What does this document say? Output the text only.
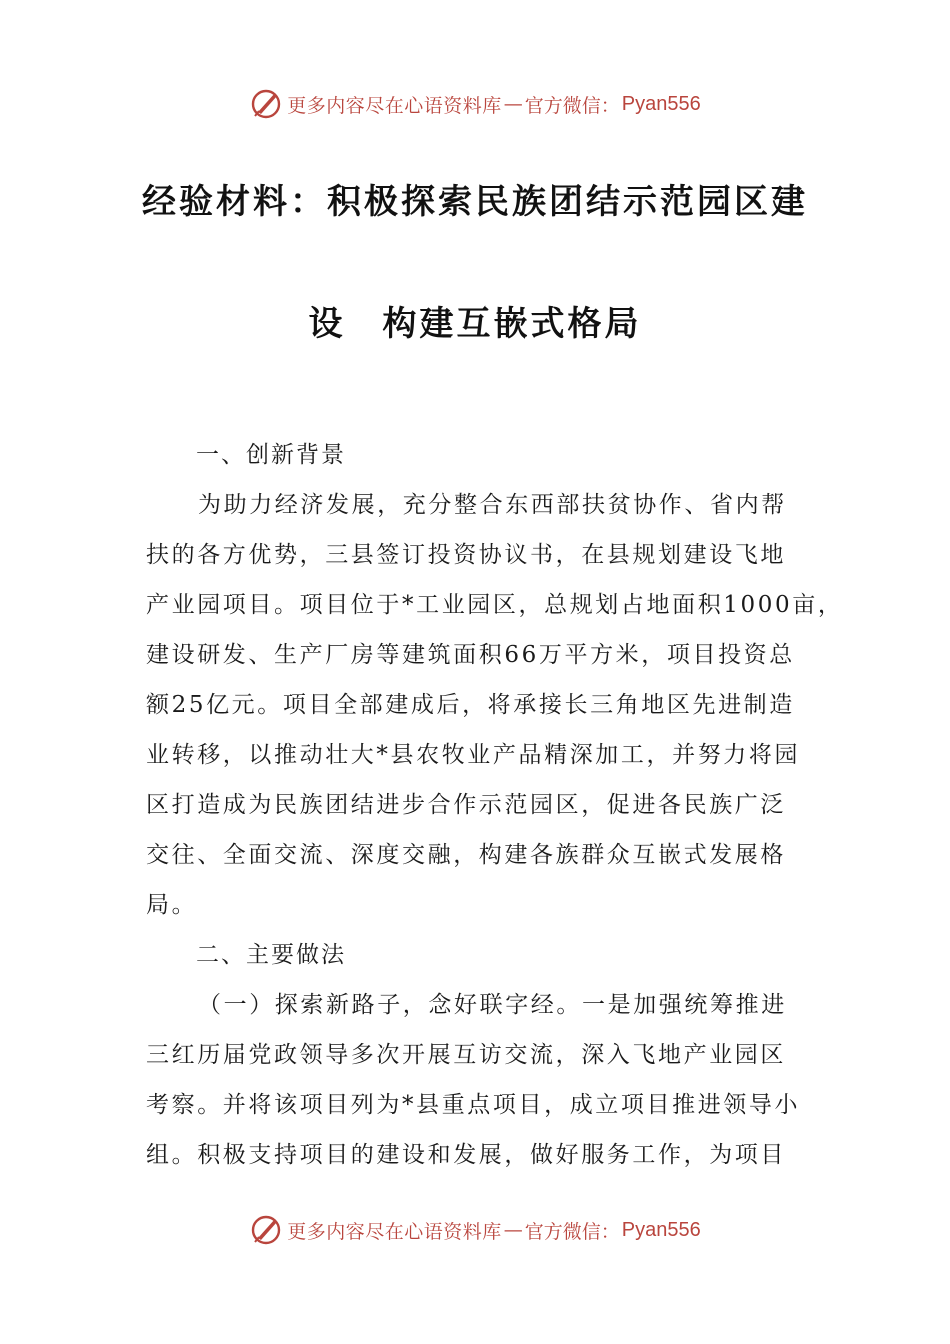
更多内容尽在心语资料库 — 官方微信： Pyan556
经验材料：积极探索民族团结示范园区建
设　构建互嵌式格局
一、创新背景
为助力经济发展，充分整合东西部扶贫协作、省内帮
扶的各方优势，三县签订投资协议书，在县规划建设飞地
产业园项目。项目位于*工业园区，总规划占地面积1000亩，
建设研发、生产厂房等建筑面积66万平方米，项目投资总
额25亿元。项目全部建成后，将承接长三角地区先进制造
业转移，以推动壮大*县农牧业产品精深加工，并努力将园
区打造成为民族团结进步合作示范园区，促进各民族广泛
交往、全面交流、深度交融，构建各族群众互嵌式发展格
局。
二、主要做法
（一）探索新路子，念好联字经。一是加强统筹推进
三红历届党政领导多次开展互访交流，深入飞地产业园区
考察。并将该项目列为*县重点项目，成立项目推进领导小
组。积极支持项目的建设和发展，做好服务工作，为项目
更多内容尽在心语资料库 — 官方微信： Pyan556
